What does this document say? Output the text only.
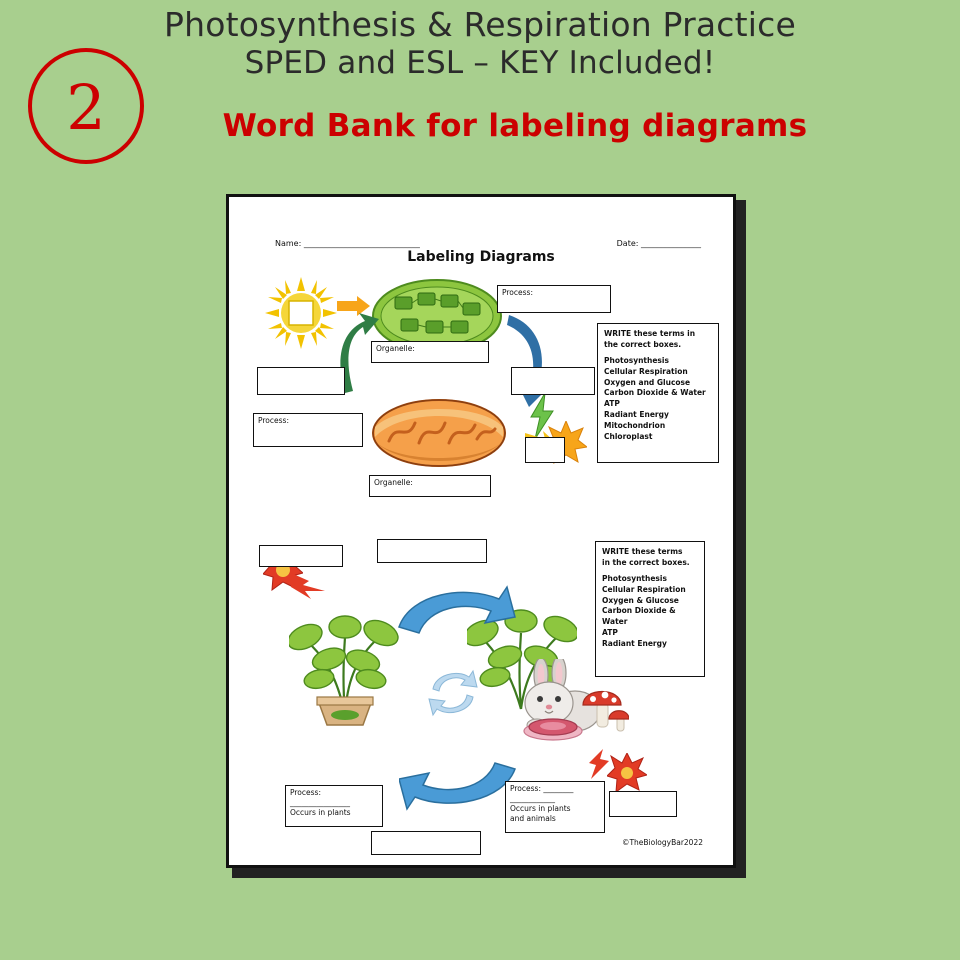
Photosynthesis & Respiration Practice
SPED and ESL – KEY Included!
2	Word Bank for labeling diagrams
Name: _____________________________	Date: _______________
Labeling Diagrams
Process:
Organelle:
Process:
Organelle:
WRITE these terms in
the correct boxes.
Photosynthesis
Cellular Respiration
Oxygen and Glucose
Carbon Dioxide & Water
ATP
Radiant Energy
Mitochondrion
Chloroplast
Process:
________________
Occurs in plants
Process: ________
____________
Occurs in plants
and animals
WRITE these terms
in the correct boxes.
Photosynthesis
Cellular Respiration
Oxygen & Glucose
Carbon Dioxide &
Water
ATP
Radiant Energy
©TheBiologyBar2022
